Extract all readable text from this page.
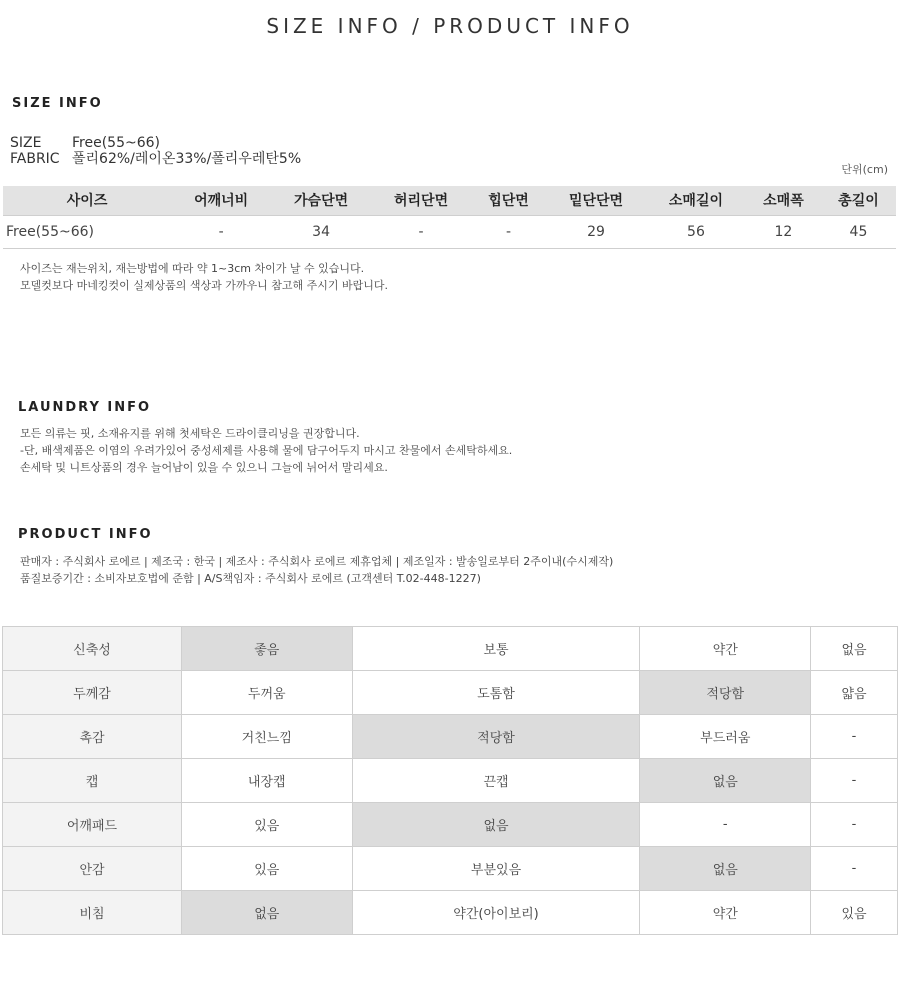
SIZE INFO / PRODUCT INFO
SIZE INFO
SIZE Free(55~66)
FABRIC 폴리62%/레이온33%/폴리우레탄5%
단위(cm)
사이즈	어깨너비	가슴단면	허리단면	힙단면	밑단단면	소매길이	소매폭	총길이
Free(55~66)	-	34	-	-	29	56	12	45
사이즈는 재는위치, 재는방법에 따라 약 1~3cm 차이가 날 수 있습니다.
모델컷보다 마네킹컷이 실제상품의 색상과 가까우니 참고해 주시기 바랍니다.
LAUNDRY INFO
모든 의류는 핏, 소재유지를 위해 첫세탁은 드라이클리닝을 권장합니다.
-단, 배색제품은 이염의 우려가있어 중성세제를 사용해 물에 담구어두지 마시고 찬물에서 손세탁하세요.
손세탁 및 니트상품의 경우 늘어남이 있을 수 있으니 그늘에 뉘어서 말리세요.
PRODUCT INFO
판매자 : 주식회사 로에르 | 제조국 : 한국 | 제조사 : 주식회사 로에르 제휴업체 | 제조일자 : 발송일로부터 2주이내(수시제작)
품질보증기간 : 소비자보호법에 준함 | A/S책임자 : 주식회사 로에르 (고객센터 T.02-448-1227)
신축성	좋음	보통	약간	없음
두께감	두꺼움	도톰함	적당함	얇음
촉감	거친느낌	적당함	부드러움	-
캡	내장캡	끈캡	없음	-
어깨패드	있음	없음	-	-
안감	있음	부분있음	없음	-
비침	없음	약간(아이보리)	약간	있음
